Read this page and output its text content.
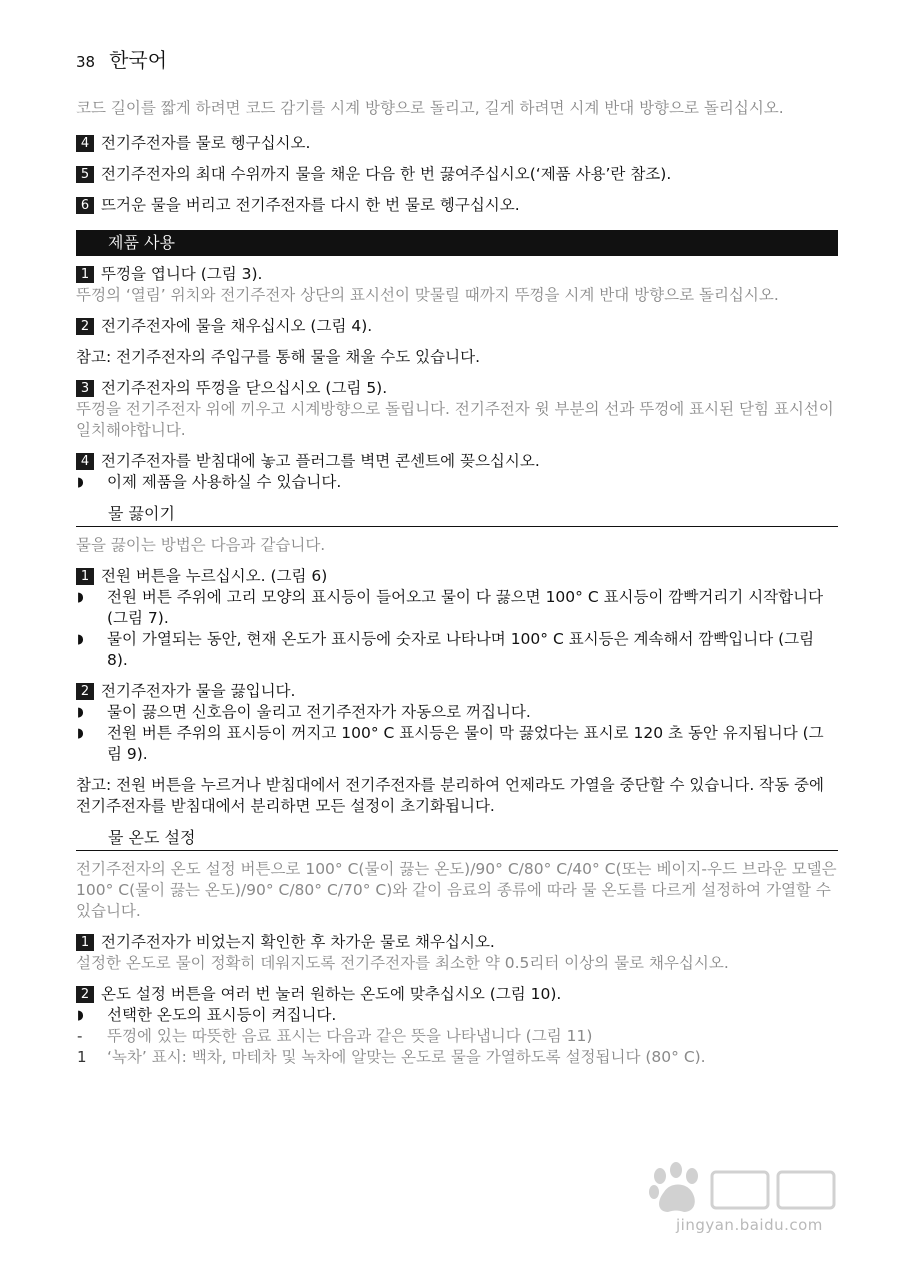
38 한국어

코드 길이를 짧게 하려면 코드 감기를 시계 방향으로 돌리고, 길게 하려면 시계 반대 방향으로 돌리십시오.

4 전기주전자를 물로 헹구십시오.
5 전기주전자의 최대 수위까지 물을 채운 다음 한 번 끓여주십시오(‘제품 사용’란 참조).
6 뜨거운 물을 버리고 전기주전자를 다시 한 번 물로 헹구십시오.
제품 사용
1 뚜껑을 엽니다 (그림 3).

뚜껑의 ‘열림’ 위치와 전기주전자 상단의 표시선이 맞물릴 때까지 뚜껑을 시계 반대 방향으로 돌리십시오.

2 전기주전자에 물을 채우십시오 (그림 4).

참고: 전기주전자의 주입구를 통해 물을 채울 수도 있습니다.

3 전기주전자의 뚜껑을 닫으십시오 (그림 5).

뚜껑을 전기주전자 위에 끼우고 시계방향으로 돌립니다. 전기주전자 윗 부분의 선과 뚜껑에 표시된 닫힘 표시선이 일치해야합니다.

4 전기주전자를 받침대에 놓고 플러그를 벽면 콘센트에 꽂으십시오.
◗	이제 제품을 사용하실 수 있습니다.
물 끓이기

물을 끓이는 방법은 다음과 같습니다.

1 전원 버튼을 누르십시오. (그림 6)
◗	전원 버튼 주위에 고리 모양의 표시등이 들어오고 물이 다 끓으면 100° C 표시등이 깜빡거리기 시작합니다 (그림 7).
◗	물이 가열되는 동안, 현재 온도가 표시등에 숫자로 나타나며 100° C 표시등은 계속해서 깜빡입니다 (그림 8).
2 전기주전자가 물을 끓입니다.
◗	물이 끓으면 신호음이 울리고 전기주전자가 자동으로 꺼집니다.
◗	전원 버튼 주위의 표시등이 꺼지고 100° C 표시등은 물이 막 끓었다는 표시로 120 초 동안 유지됩니다 (그림 9).

참고: 전원 버튼을 누르거나 받침대에서 전기주전자를 분리하여 언제라도 가열을 중단할 수 있습니다. 작동 중에 전기주전자를 받침대에서 분리하면 모든 설정이 초기화됩니다.

물 온도 설정

전기주전자의 온도 설정 버튼으로 100° C(물이 끓는 온도)/90° C/80° C/40° C(또는 베이지-우드 브라운 모델은 100° C(물이 끓는 온도)/90° C/80° C/70° C)와 같이 음료의 종류에 따라 물 온도를 다르게 설정하여 가열할 수 있습니다.

1 전기주전자가 비었는지 확인한 후 차가운 물로 채우십시오.

설정한 온도로 물이 정확히 데워지도록 전기주전자를 최소한 약 0.5리터 이상의 물로 채우십시오.

2 온도 설정 버튼을 여러 번 눌러 원하는 온도에 맞추십시오 (그림 10).
◗	선택한 온도의 표시등이 켜집니다.
-	뚜껑에 있는 따뜻한 음료 표시는 다음과 같은 뜻을 나타냅니다 (그림 11)
1	‘녹차’ 표시: 백차, 마테차 및 녹차에 알맞는 온도로 물을 가열하도록 설정됩니다 (80° C).
jingyan.baidu.com
